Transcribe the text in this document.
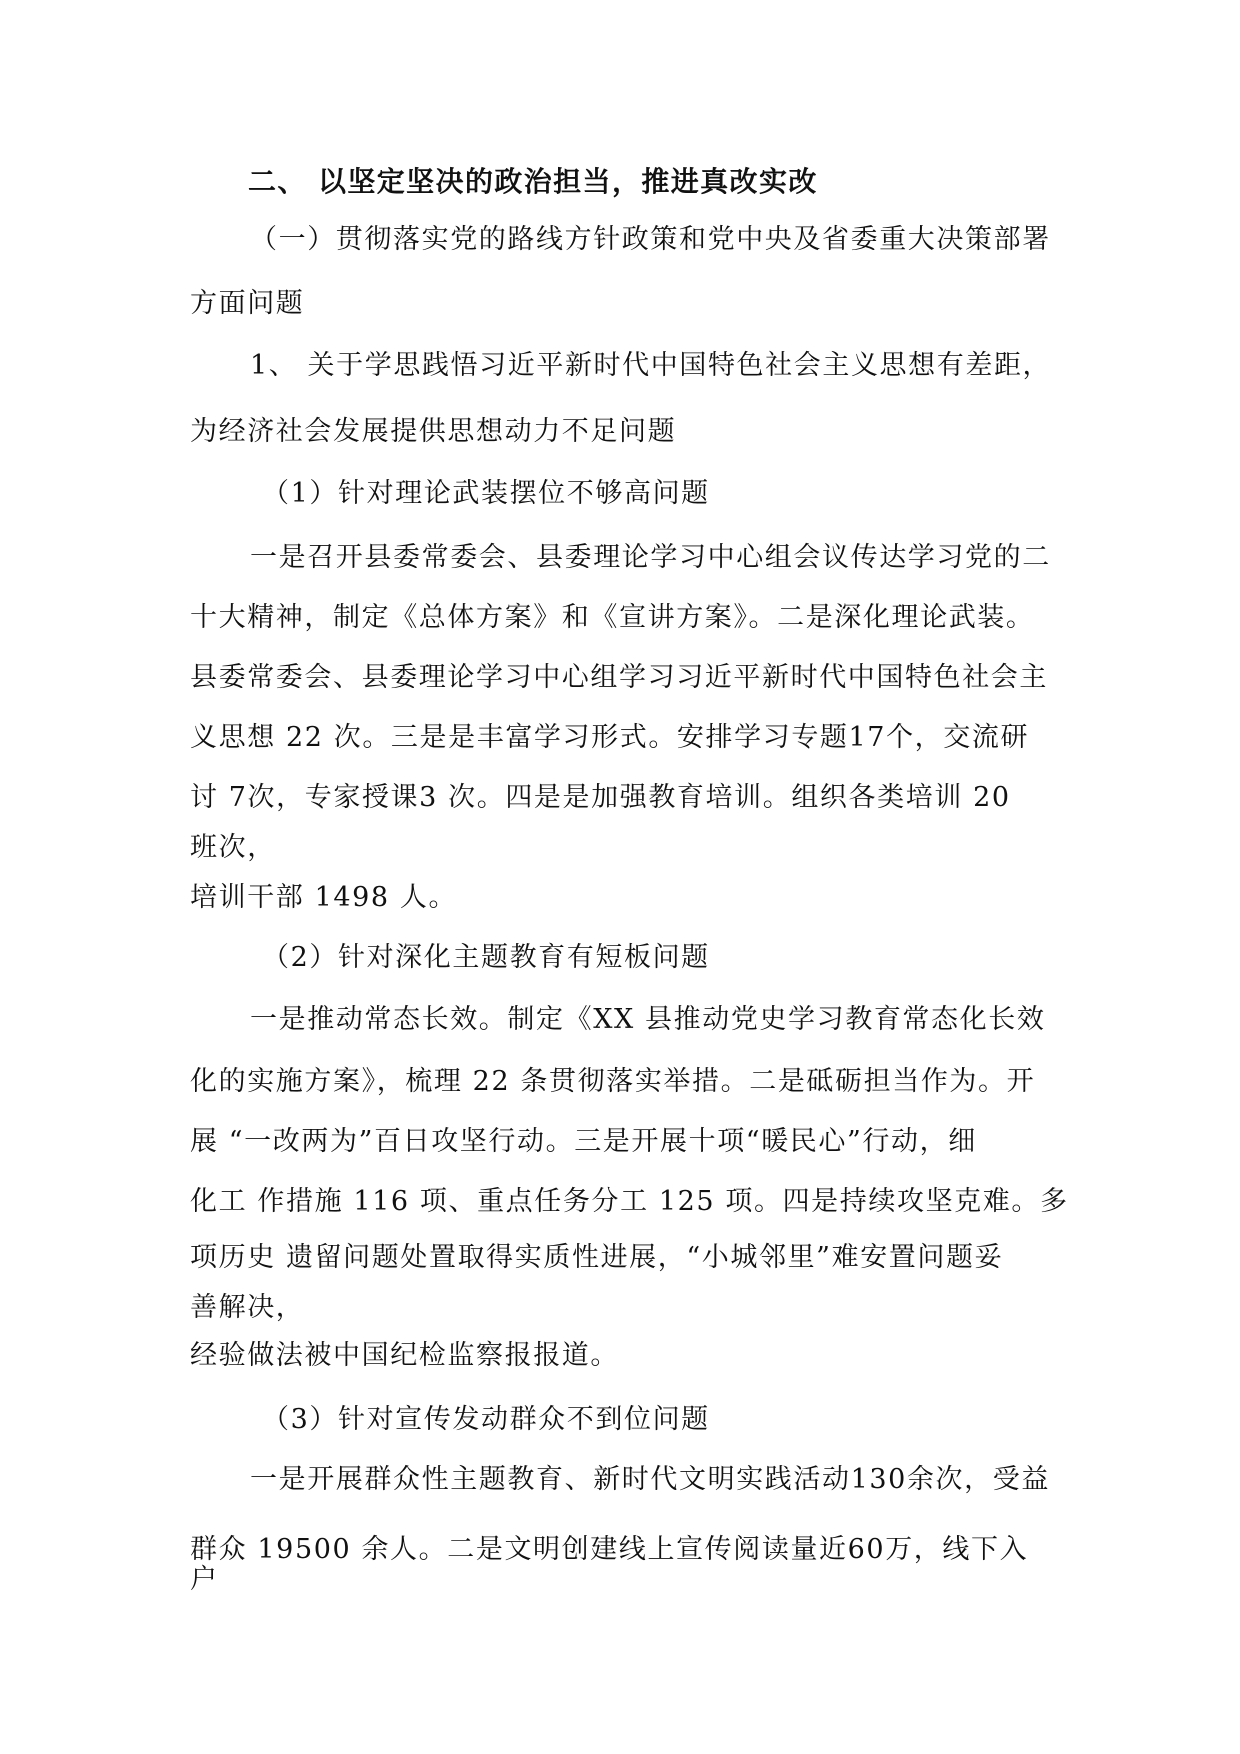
二、 以坚定坚决的政治担当，推进真改实改
（一）贯彻落实党的路线方针政策和党中央及省委重大决策部署
方面问题
1、 关于学思践悟习近平新时代中国特色社会主义思想有差距，
为经济社会发展提供思想动力不足问题
（1）针对理论武装摆位不够高问题
一是召开县委常委会、县委理论学习中心组会议传达学习党的二
十大精神，制定《总体方案》和《宣讲方案》。二是深化理论武装。
县委常委会、县委理论学习中心组学习习近平新时代中国特色社会主
义思想 22 次。三是是丰富学习形式。安排学习专题17个，交流研
讨 7次，专家授课3 次。四是是加强教育培训。组织各类培训 20
班次，
培训干部 1498 人。
（2）针对深化主题教育有短板问题
一是推动常态长效。制定《XX 县推动党史学习教育常态化长效
化的实施方案》，梳理 22 条贯彻落实举措。二是砥砺担当作为。开
展 “一改两为”百日攻坚行动。三是开展十项“暖民心”行动，细
化工 作措施 116 项、重点任务分工 125 项。四是持续攻坚克难。多
项历史 遗留问题处置取得实质性进展，“小城邻里”难安置问题妥
善解决，
经验做法被中国纪检监察报报道。
（3）针对宣传发动群众不到位问题
一是开展群众性主题教育、新时代文明实践活动130余次，受益
群众 19500 余人。二是文明创建线上宣传阅读量近60万，线下入
户
